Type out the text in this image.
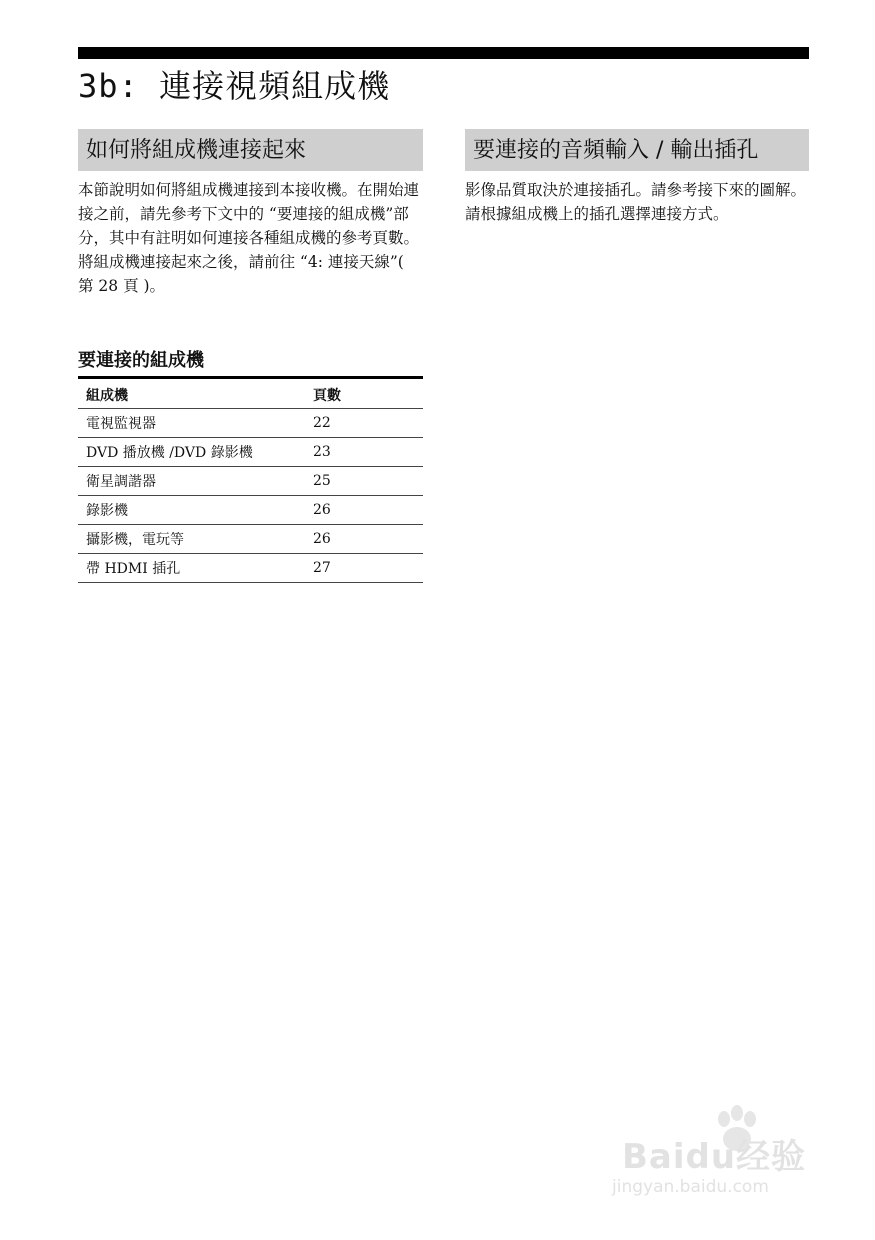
3b: 連接視頻組成機
如何將組成機連接起來	要連接的音頻輸入 / 輸出插孔

本節說明如何將組成機連接到本接收機。在開始連接之前，請先參考下文中的 “要連接的組成機”部分，其中有註明如何連接各種組成機的參考頁數。

將組成機連接起來之後，請前往 “4: 連接天線”( 第 28 頁 )。

影像品質取決於連接插孔。請參考接下來的圖解。請根據組成機上的插孔選擇連接方式。

要連接的組成機
組成機	頁數
電視監視器	22
DVD 播放機 /DVD 錄影機	23
衛星調諧器	25
錄影機	26
攝影機，電玩等	26
帶 HDMI 插孔	27
Baidu经验
jingyan.baidu.com
